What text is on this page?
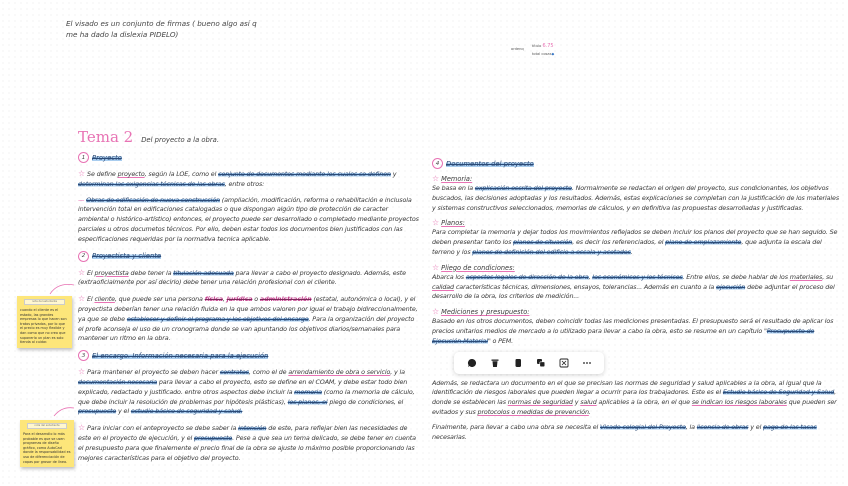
El visado es un conjunto de firmas ( bueno algo así q me ha dado la dislexia PIDELO)
ordenq
título 6.75
total cosas◆
Tema 2 Del proyecto a la obra.
1 Proyecto
☆ Se define proyecto, según la LOE, como el conjunto de documentos mediante los cuales se definen y determinan las exigencias técnicas de las obras, entre otros:
— Obras de edificación de nueva construcción (ampliación, modificación, reforma o rehabilitación e inclusola intervención total en edificaciones catalogadas o que dispongan algún tipo de protección de caracter ambiental o histórico-artístico) entonces, el proyecto puede ser desarrollado o completado mediante proyectos parciales u otros documetos técnicos. Por ello, deben estar todos los documentos bien justificados con las especificaciones requeridas por la normativa tecnica aplicable.
2 Proyectista y cliente
☆ El proyectista debe tener la titulación adecuada para llevar a cabo el proyecto designado. Además, este (extraoficialmente por así decirlo) debe tener una relación profesional con el cliente.
☆ El cliente, que puede ser una persona física, jurídica o administración (estatal, autonómica o local), y el proyectista deberían tener una relación fluida en la que ambos valoren por igual el trabajo bidireccionalmente, ya que se debe establecer y definir el programa y los objetivos del encargo. Para la organización del proyecto el profe aconseja el uso de un cronograma donde se van apuntando los objetivos diarios/semanales para mantener un ritmo en la obra.
3 El encargo. Información necesaria para la ejecución
☆ Para mantener el proyecto se deben hacer contratos, como el de arrendamiento de obra o servicio, y la documentación necesaria para llevar a cabo el proyecto, esto se define en el COAM, y debe estar todo bien explicado, redactado y justificado. entre otros aspectos debe incluir la memoria (como la memoria de cálculo, que debe incluir la resolución de problemas por hipótesis plásticas), los planos, el piego de condiciones, el presupuesto y el estudio básico de seguridad y salud.
☆ Para iniciar con el anteproyecto se debe saber la intención de este, para reflejar bien las necesidades de este en el proyecto de ejecución, y el presupuesto. Pese a que sea un tema delicado, se debe tener en cuenta el presupuesto para que finalemente el precio final de la obra se ajuste lo máximo posible proporcionando las mejores características para el objetivo del proyecto.
nota del estudiante
cuando el cliente es el estado, las grandes empresas lo que hacen son tratos privados, por lo que el precio es muy flexible y dan como que no creo que suponerlo un plan es solo tienda al cuidar.
nota del estudiante
Para el desarrollo lo más probable es que se usen programas de diseño gráfico, como AutoCad donde la responsabilidad es uso de diferenciación de capas por grosor de línea.
4 Documentos del proyecto
☆ Memoria:
Se basa en la explicación escrita del proyecto. Normalmente se redactan el origen del proyecto, sus condicionantes, los objetivos buscados, las decisiones adoptadas y los resultados. Además, estas explicaciones se completan con la justificación de los materiales y sistemas constructivos seleccionados, memorias de cálculos, y en definitiva las propuestas desarrolladas y justificadas.
☆ Planos:
Para completar la memoria y dejar todos los movimientos reflejados se deben incluir los planos del proyecto que se han seguido. Se deben presentar tanto los planos de situación, es decir los referenciados, el plano de emplazamiento, que adjunta la escala del terreno y los planos de definición del edificio a escala y acotados.
☆ Pliego de condiciones:
Abarca los aspectos legales de dirección de la obra, los económicos y los técnicos. Entre ellos, se debe hablar de los materiales, su calidad características técnicas, dimensiones, ensayos, tolerancias... Además en cuanto a la ejecución debe adjuntar el proceso del desarrollo de la obra, los criterios de medición...
☆ Mediciones y presupuesto:
Basado en los otros documentos, deben coincidir todas las mediciones presentadas. El presupuesto será el resultado de aplicar los precios unitarios medios de mercado a lo utilizado para llevar a cabo la obra, esto se resume en un capítulo "Presupuesto de Ejecución Material" o PEM.
Además, se redactara un documento en el que se precisan las normas de seguridad y salud aplicables a la obra, al igual que la identificación de riesgos laborales que pueden llegar a ocurrir para los trabajadores. Este es el Estudio básico de Seguridad y Salud, donde se establecen las normas de seguridad y salud aplicables a la obra, en el que se indican los riesgos laborales que pueden ser evitados y sus protocolos o medidas de prevención.
Finalmente, para llevar a cabo una obra se necesita el Visado colegial del Proyecto, la licencia de obras y el pago de las tasas necesarias.
